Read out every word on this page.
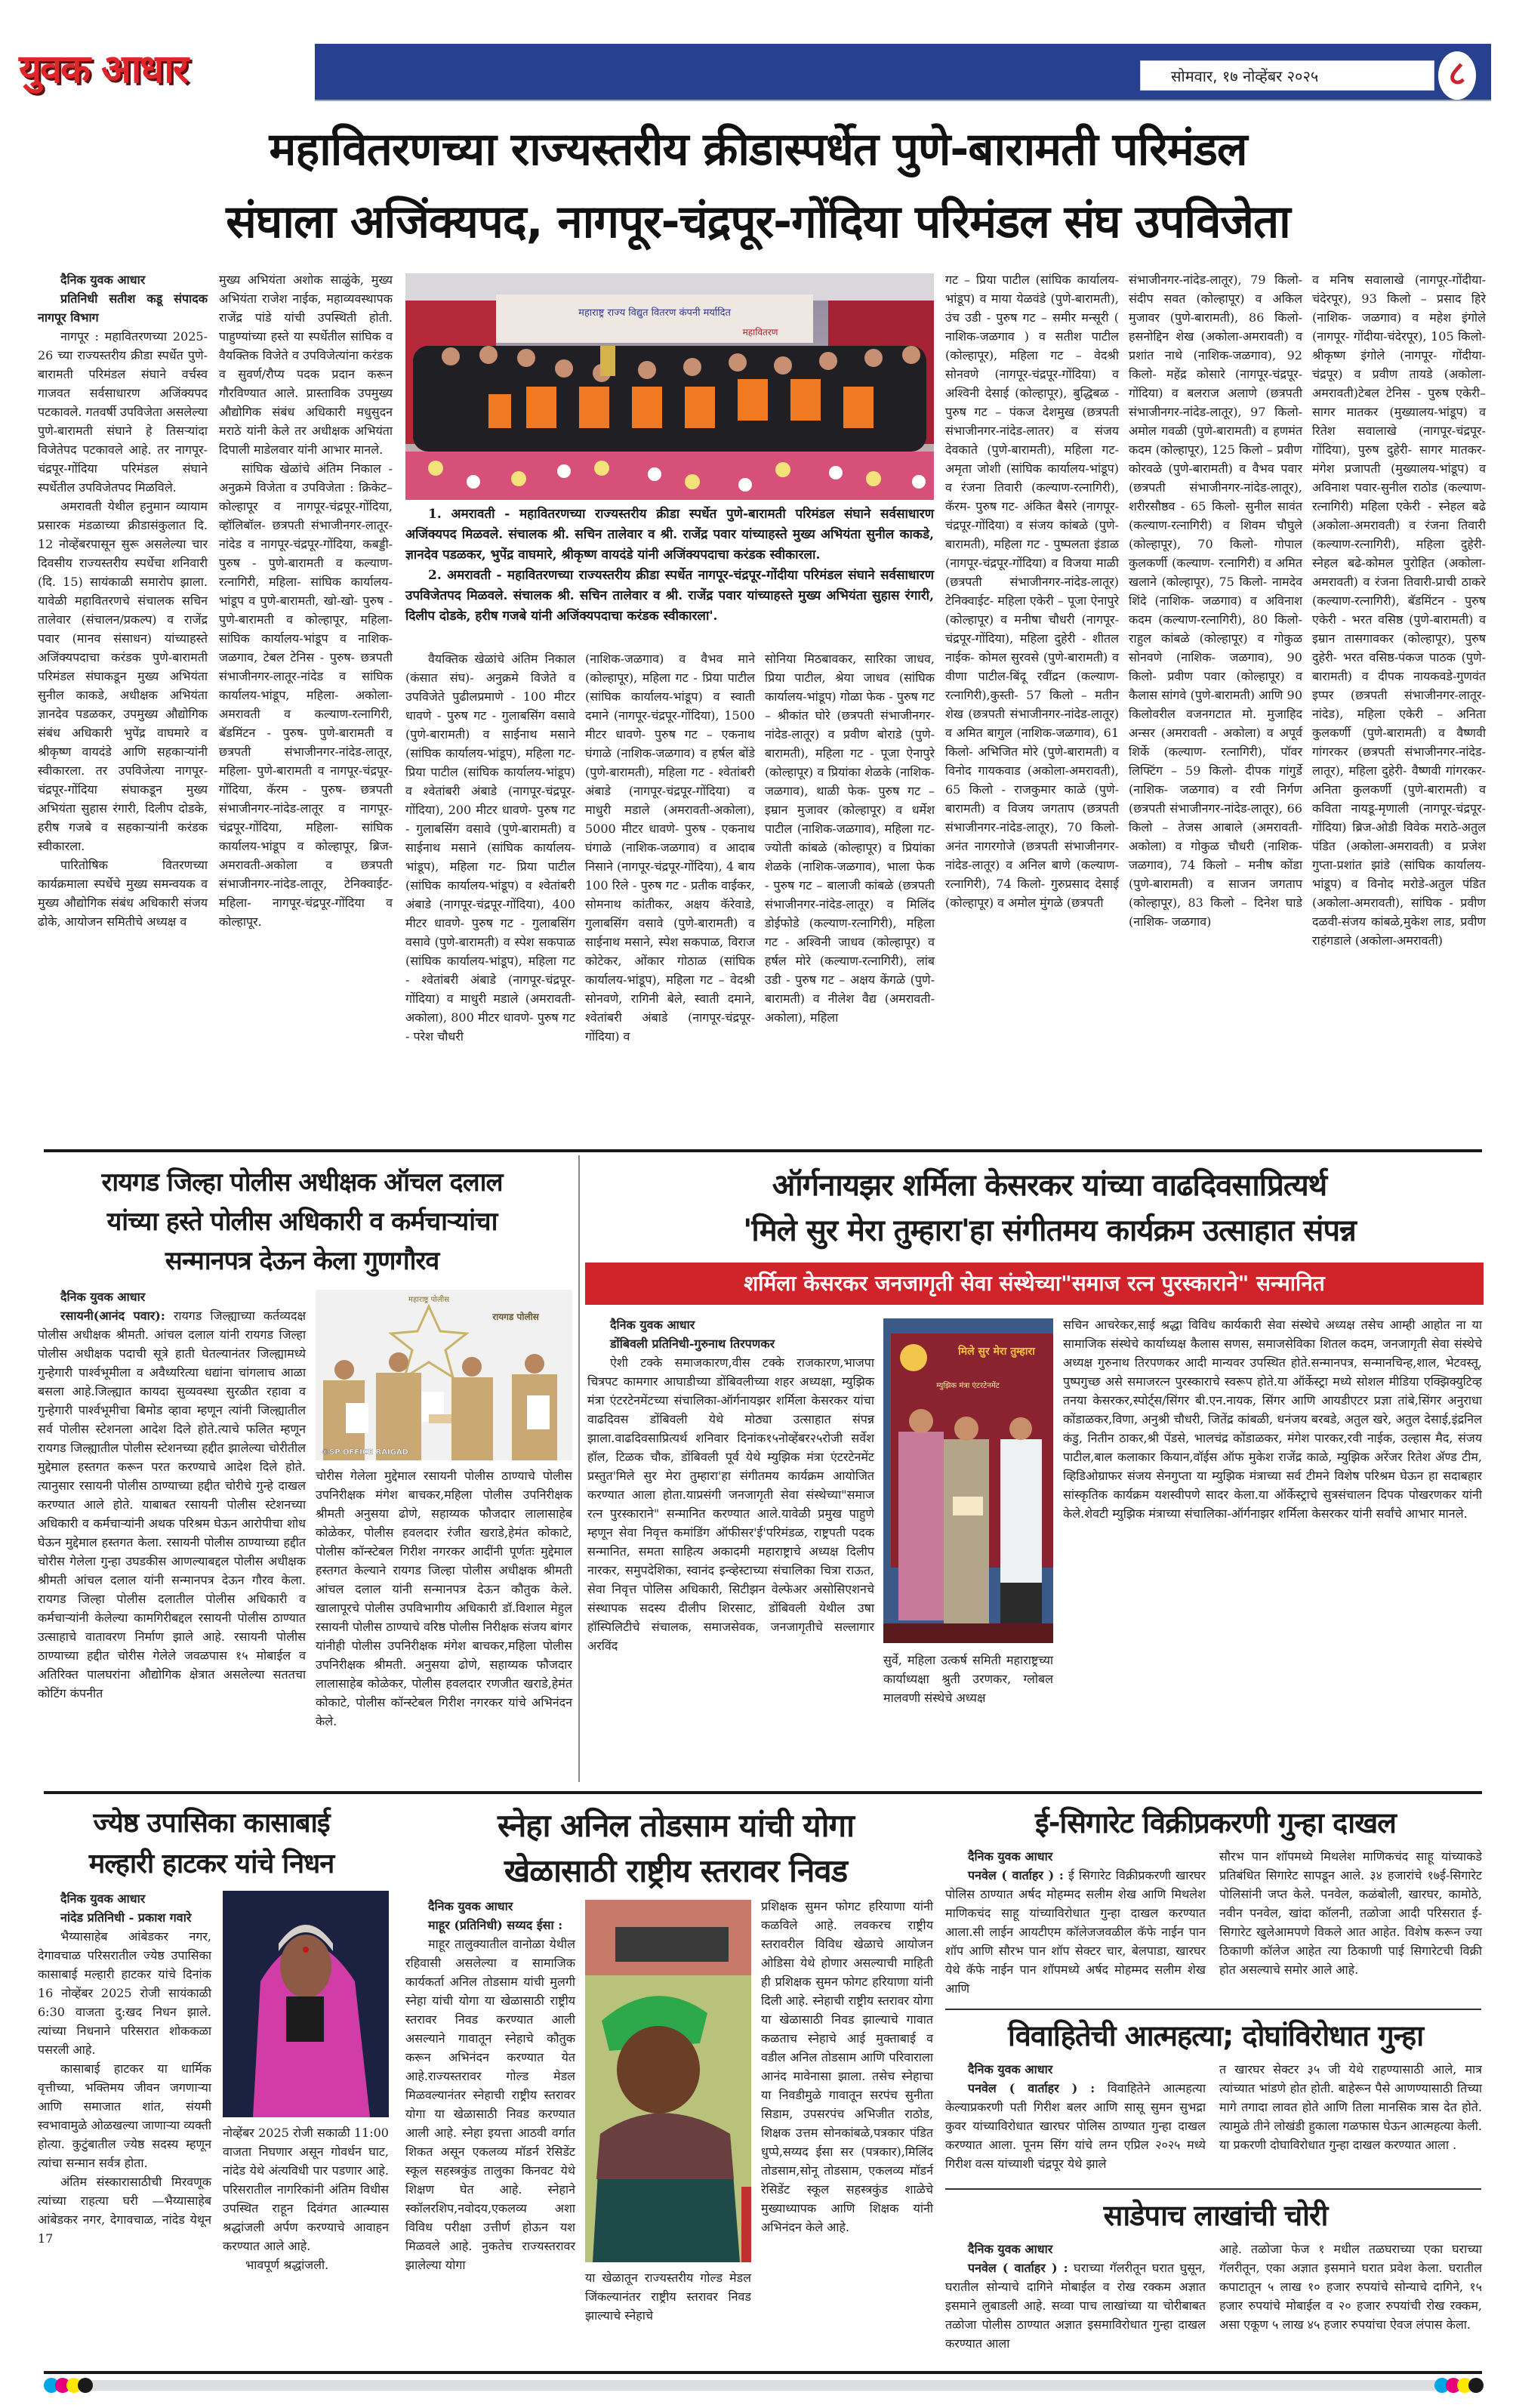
युवक आधार	सोमवार, १७ नोव्हेंबर २०२५	८
महावितरणच्या राज्यस्तरीय क्रीडास्पर्धेत पुणे-बारामती परिमंडल
संघाला अजिंक्यपद, नागपूर-चंद्रपूर-गोंदिया परिमंडल संघ उपविजेता

दैनिक युवक आधार

प्रतिनिधी सतीश कडू संपादक नागपूर विभाग

नागपूर : महावितरणच्या 2025-26 च्या राज्यस्तरीय क्रीडा स्पर्धेत पुणे-बारामती परिमंडल संघाने वर्चस्व गाजवत सर्वसाधारण अजिंक्यपद पटकावले. गतवर्षी उपविजेता असलेल्या पुणे-बारामती संघाने हे तिसऱ्यांदा विजेतेपद पटकावले आहे. तर नागपूर-चंद्रपूर-गोंदिया परिमंडल संघाने स्पर्धेतील उपविजेतपद मिळविले.

अमरावती येथील हनुमान व्यायाम प्रसारक मंडळाच्या क्रीडासंकुलात दि. 12 नोव्हेंबरपासून सुरू असलेल्या चार दिवसीय राज्यस्तरीय स्पर्धेचा शनिवारी (दि. 15) सायंकाळी समारोप झाला. यावेळी महावितरणचे संचालक सचिन तालेवार (संचालन/प्रकल्प) व राजेंद्र पवार (मानव संसाधन) यांच्याहस्ते अजिंक्यपदाचा करंडक पुणे-बारामती परिमंडल संघाकडून मुख्य अभियंता सुनील काकडे, अधीक्षक अभियंता ज्ञानदेव पडळकर, उपमुख्य औद्योगिक संबंध अधिकारी भुपेंद्र वाघमारे व श्रीकृष्ण वायदंडे आणि सहकाऱ्यांनी स्वीकारला. तर उपविजेत्या नागपूर-चंद्रपूर-गोंदिया संघाकडून मुख्य अभियंता सुहास रंगारी, दिलीप दोडके, हरीष गजबे व सहकाऱ्यांनी करंडक स्वीकारला.

पारितोषिक वितरणच्या कार्यक्रमाला स्पर्धेचे मुख्य समन्वयक व मुख्य औद्योगिक संबंध अधिकारी संजय ढोके, आयोजन समितीचे अध्यक्ष व

मुख्य अभियंता अशोक साळुंके, मुख्य अभियंता राजेश नाईक, महाव्यवस्थापक राजेंद्र पांडे यांची उपस्थिती होती. पाहुण्यांच्या हस्ते या स्पर्धेतील सांघिक व वैयक्तिक विजेते व उपविजेत्यांना करंडक व सुवर्ण/रौप्य पदक प्रदान करून गौरविण्यात आले. प्रास्ताविक उपमुख्य औद्योगिक संबंध अधिकारी मधुसुदन मराठे यांनी केले तर अधीक्षक अभियंता दिपाली माडेलवार यांनी आभार मानले.

सांघिक खेळांचे अंतिम निकाल - अनुक्रमे विजेता व उपविजेता : क्रिकेट– कोल्हापूर व नागपूर-चंद्रपूर-गोंदिया, व्हॉलिबॉल- छत्रपती संभाजीनगर-लातूर-नांदेड व नागपूर-चंद्रपूर-गोंदिया, कबड्डी- पुरुष - पुणे-बारामती व कल्याण-रत्नागिरी, महिला- सांघिक कार्यालय-भांडूप व पुणे-बारामती, खो-खो- पुरुष - पुणे-बारामती व कोल्हापूर, महिला- सांघिक कार्यालय-भांडूप व नाशिक-जळगाव, टेबल टेनिस - पुरुष- छत्रपती संभाजीनगर-लातूर-नांदेड व सांघिक कार्यालय-भांडूप, महिला- अकोला-अमरावती व कल्याण-रत्नागिरी, बॅडमिंटन - पुरुष- पुणे-बारामती व छत्रपती संभाजीनगर-नांदेड-लातूर, महिला- पुणे-बारामती व नागपूर-चंद्रपूर-गोंदिया, कॅरम - पुरुष- छत्रपती संभाजीनगर-नांदेड-लातूर व नागपूर-चंद्रपूर-गोंदिया, महिला- सांघिक कार्यालय-भांडूप व कोल्हापूर, ब्रिज- अमरावती-अकोला व छत्रपती संभाजीनगर-नांदेड-लातूर, टेनिक्वाईट- महिला- नागपूर-चंद्रपूर-गोंदिया व कोल्हापूर.

महाराष्ट्र राज्य विद्युत वितरण कंपनी मर्यादित
महावितरण

1. अमरावती - महावितरणच्या राज्यस्तरीय क्रीडा स्पर्धेत पुणे-बारामती परिमंडल संघाने सर्वसाधारण अजिंक्यपद मिळवले. संचालक श्री. सचिन तालेवार व श्री. राजेंद्र पवार यांच्याहस्ते मुख्य अभियंता सुनील काकडे, ज्ञानदेव पडळकर, भुपेंद्र वाघमारे, श्रीकृष्ण वायदंडे यांनी अजिंक्यपदाचा करंडक स्वीकारला.

2. अमरावती - महावितरणच्या राज्यस्तरीय क्रीडा स्पर्धेत नागपूर-चंद्रपूर-गोंदीया परिमंडल संघाने सर्वसाधारण उपविजेतपद मिळवले. संचालक श्री. सचिन तालेवार व श्री. राजेंद्र पवार यांच्याहस्ते मुख्य अभियंता सुहास रंगारी, दिलीप दोडके, हरीष गजबे यांनी अजिंक्यपदाचा करंडक स्वीकारला'.

वैयक्तिक खेळांचे अंतिम निकाल (कंसात संघ)- अनुक्रमे विजेते व उपविजेते पुढीलप्रमाणे - 100 मीटर धावणे - पुरुष गट - गुलाबसिंग वसावे (पुणे-बारामती) व साईनाथ मसाने (सांघिक कार्यालय-भांडूप), महिला गट- प्रिया पाटील (सांघिक कार्यालय-भांडूप) व श्वेतांबरी अंबाडे (नागपूर-चंद्रपूर-गोंदिया), 200 मीटर धावणे- पुरुष गट - गुलाबसिंग वसावे (पुणे-बारामती) व साईनाथ मसाने (सांघिक कार्यालय-भांडूप), महिला गट- प्रिया पाटील (सांघिक कार्यालय-भांडूप) व श्वेतांबरी अंबाडे (नागपूर-चंद्रपूर-गोंदिया), 400 मीटर धावणे- पुरुष गट - गुलाबसिंग वसावे (पुणे-बारामती) व स्पेश सकपाळ (सांघिक कार्यालय-भांडूप), महिला गट - श्वेतांबरी अंबाडे (नागपूर-चंद्रपूर-गोंदिया) व माधुरी मडाले (अमरावती-अकोला), 800 मीटर धावणे- पुरुष गट - परेश चौधरी

(नाशिक-जळगाव) व वैभव माने (कोल्हापूर), महिला गट - प्रिया पाटील (सांघिक कार्यालय-भांडूप) व स्वाती दमाने (नागपूर-चंद्रपूर-गोंदिया), 1500 मीटर धावणे- पुरुष गट – एकनाथ घंगाळे (नाशिक-जळगाव) व हर्षल बोंडे (पुणे-बारामती), महिला गट - श्वेतांबरी अंबाडे (नागपूर-चंद्रपूर-गोंदिया) व माधुरी मडाले (अमरावती-अकोला), 5000 मीटर धावणे- पुरुष - एकनाथ घंगाळे (नाशिक-जळगाव) व आदाब निसाने (नागपूर-चंद्रपूर-गोंदिया), 4 बाय 100 रिले - पुरुष गट - प्रतीक वाईकर, सोमनाथ कांतीकर, अक्षय कॅरेवाडे, गुलाबसिंग वसावे (पुणे-बारामती) व साईनाथ मसाने, स्पेश सकपाळ, विराज कोटेकर, ओंकार गोठाळ (सांघिक कार्यालय-भांडूप), महिला गट – वेदश्री सोनवणे, रागिनी बेले, स्वाती दमाने, श्वेतांबरी अंबाडे (नागपूर-चंद्रपूर-गोंदिया) व

सोनिया मिठबावकर, सारिका जाधव, प्रिया पाटील, श्रेया जाधव (सांघिक कार्यालय-भांडूप) गोळा फेक - पुरुष गट – श्रीकांत घोरे (छत्रपती संभाजीनगर-नांदेड-लातूर) व प्रवीण बोराडे (पुणे-बारामती), महिला गट - पूजा ऐनापुरे (कोल्हापूर) व प्रियांका शेळके (नाशिक-जळगाव), थाळी फेक- पुरुष गट – इम्रान मुजावर (कोल्हापूर) व धर्मेश पाटील (नाशिक-जळगाव), महिला गट- ज्योती कांबळे (कोल्हापूर) व प्रियांका शेळके (नाशिक-जळगाव), भाला फेक - पुरुष गट – बालाजी कांबळे (छत्रपती संभाजीनगर-नांदेड-लातूर) व मिलिंद डोईफोडे (कल्याण-रत्नागिरी), महिला गट - अश्विनी जाधव (कोल्हापूर) व हर्षल मोरे (कल्याण-रत्नागिरी), लांब उडी - पुरुष गट – अक्षय केंगळे (पुणे-बारामती) व नीलेश वैद्य (अमरावती-अकोला), महिला

गट – प्रिया पाटील (सांघिक कार्यालय-भांडूप) व माया येळवंडे (पुणे-बारामती), उंच उडी - पुरुष गट – समीर मन्सूरी ( नाशिक-जळगाव ) व सतीश पाटील (कोल्हापूर), महिला गट – वेदश्री सोनवणे (नागपूर-चंद्रपूर-गोंदिया) व अश्विनी देसाई (कोल्हापूर), बुद्धिबळ - पुरुष गट – पंकज देशमुख (छत्रपती संभाजीनगर-नांदेड-लातर) व संजय देवकाते (पुणे-बारामती), महिला गट- अमृता जोशी (सांघिक कार्यालय-भांडूप) व रंजना तिवारी (कल्याण-रत्नागिरी), कॅरम- पुरुष गट- अंकित बैसरे (नागपूर-चंद्रपूर-गोंदिया) व संजय कांबळे (पुणे-बारामती), महिला गट - पुष्पलता इंडाळ (नागपूर-चंद्रपूर-गोंदिया) व विजया माळी (छत्रपती संभाजीनगर-नांदेड-लातूर) टेनिक्वाईट- महिला एकेरी – पूजा ऐनापुरे (कोल्हापूर) व मनीषा चौधरी (नागपूर-चंद्रपूर-गोंदिया), महिला दुहेरी - शीतल नाईक- कोमल सुरवसे (पुणे-बारामती) व वीणा पाटील-बिंदू रवींद्रन (कल्याण-रत्नागिरी),कुस्ती- 57 किलो – मतीन शेख (छत्रपती संभाजीनगर-नांदेड-लातूर) व अमित बागुल (नाशिक-जळगाव), 61 किलो- अभिजित मोरे (पुणे-बारामती) व विनोद गायकवाड (अकोला-अमरावती), 65 किलो - राजकुमार काळे (पुणे-बारामती) व विजय जगताप (छत्रपती संभाजीनगर-नांदेड-लातूर), 70 किलो- अनंत नागरगोजे (छत्रपती संभाजीनगर-नांदेड-लातूर) व अनिल बाणे (कल्याण-रत्नागिरी), 74 किलो- गुरुप्रसाद देसाई (कोल्हापूर) व अमोल मुंगळे (छत्रपती

संभाजीनगर-नांदेड-लातूर), 79 किलो- संदीप सवत (कोल्हापूर) व अकिल मुजावर (पुणे-बारामती), 86 किलो- हसनोद्दिन शेख (अकोला-अमरावती) व प्रशांत नाथे (नाशिक-जळगाव), 92 किलो- महेंद्र कोसारे (नागपूर-चंद्रपूर-गोंदिया) व बलराज अलाणे (छत्रपती संभाजीनगर-नांदेड-लातूर), 97 किलो- अमोल गवळी (पुणे-बारामती) व हणमंत कदम (कोल्हापूर), 125 किलो – प्रवीण कोरवळे (पुणे-बारामती) व वैभव पवार (छत्रपती संभाजीनगर-नांदेड-लातूर), शरीरसौष्ठव - 65 किलो- सुनील सावंत (कल्याण-रत्नागिरी) व शिवम चौघुले (कोल्हापूर), 70 किलो- गोपाल कुलकर्णी (कल्याण- रत्नागिरी) व अमित खलाने (कोल्हापूर), 75 किलो- नामदेव शिंदे (नाशिक- जळगाव) व अविनाश कदम (कल्याण-रत्नागिरी), 80 किलो- राहुल कांबळे (कोल्हापूर) व गोकुळ सोनवणे (नाशिक- जळगाव), 90 किलो- प्रवीण पवार (कोल्हापूर) व कैलास सांगवे (पुणे-बारामती) आणि 90 किलोवरील वजनगटात मो. मुजाहिद अन्सर (अमरावती - अकोला) व अपूर्व शिर्के (कल्याण- रत्नागिरी), पॉवर लिफ्टिंग – 59 किलो- दीपक गांगुर्डे (नाशिक- जळगाव) व रवी निर्गण (छत्रपती संभाजीनगर-नांदेड-लातूर), 66 किलो – तेजस आबाले (अमरावती-अकोला) व गोकुळ चौधरी (नाशिक-जळगाव), 74 किलो – मनीष कोंडा (पुणे-बारामती) व साजन जगताप (कोल्हापूर), 83 किलो – दिनेश घाडे (नाशिक- जळगाव)

व मनिष सवालाखे (नागपूर-गोंदीया- चंदेरपूर), 93 किलो – प्रसाद हिरे (नाशिक- जळगाव) व महेश इंगोले (नागपूर- गोंदीया-चंदेरपूर), 105 किलो- श्रीकृष्ण इंगोले (नागपूर- गोंदीया- चंद्रपूर) व प्रवीण तायडे (अकोला-अमरावती)टेबल टेनिस - पुरुष एकेरी– सागर मातकर (मुख्यालय-भांडूप) व रितेश सवालाखे (नागपूर-चंद्रपूर-गोंदिया), पुरुष दुहेरी- सागर मातकर-मंगेश प्रजापती (मुख्यालय-भांडूप) व अविनाश पवार-सुनील राठोड (कल्याण-रत्नागिरी) महिला एकेरी - स्नेहल बढे (अकोला-अमरावती) व रंजना तिवारी (कल्याण-रत्नागिरी), महिला दुहेरी- स्नेहल बढे-कोमल पुरोहित (अकोला-अमरावती) व रंजना तिवारी-प्राची ठाकरे (कल्याण-रत्नागिरी), बॅडमिंटन - पुरुष एकेरी - भरत वसिष्ठ (पुणे-बारामती) व इम्रान तासगावकर (कोल्हापूर), पुरुष दुहेरी- भरत वसिष्ठ-पंकज पाठक (पुणे-बारामती) व दीपक नायकवडे-गुणवंत इप्पर (छत्रपती संभाजीनगर-लातूर-नांदेड), महिला एकेरी – अनिता कुलकर्णी (पुणे-बारामती) व वैष्णवी गांगरकर (छत्रपती संभाजीनगर-नांदेड-लातूर), महिला दुहेरी- वैष्णवी गांगरकर-अनिता कुलकर्णी (पुणे-बारामती) व कविता नायडू-मृणाली (नागपूर-चंद्रपूर-गोंदिया) ब्रिज-ओडी विवेक मराठे-अतुल पंडित (अकोला-अमरावती) व प्रजेश गुप्ता-प्रशांत झांडे (सांघिक कार्यालय-भांडूप) व विनोद मरोडे-अतुल पंडित (अकोला-अमरावती), सांघिक - प्रवीण दळवी-संजय कांबळे,मुकेश लाड, प्रवीण राहंगडाले (अकोला-अमरावती)

रायगड जिल्हा पोलीस अधीक्षक ऑचल दलाल
यांच्या हस्ते पोलीस अधिकारी व कर्मचाऱ्यांचा
सन्मानपत्र देऊन केला गुणगौरव

दैनिक युवक आधार

रसायनी(आनंद पवार): रायगड जिल्ह्याच्या कर्तव्यदक्ष पोलीस अधीक्षक श्रीमती. आंचल दलाल यांनी रायगड जिल्हा पोलीस अधीक्षक पदाची सूत्रे हाती घेतल्यानंतर जिल्ह्यामध्ये गुन्हेगारी पार्श्वभूमीला व अवैध्यरित्या धद्यांना चांगलाच आळा बसला आहे.जिल्ह्यात कायदा सुव्यवस्था सुरळीत रहावा व गुन्हेगारी पार्श्वभूमीचा बिमोड व्हावा म्हणून त्यांनी जिल्ह्यातील सर्व पोलीस स्टेशनला आदेश दिले होते.त्याचे फलित म्हणून रायगड जिल्ह्यातील पोलीस स्टेशनच्या हद्दीत झालेल्या चोरीतील मुद्देमाल हस्तगत करून परत करण्याचे आदेश दिले होते. त्यानुसार रसायनी पोलीस ठाण्याच्या हद्दीत चोरीचे गुन्हे दाखल करण्यात आले होते. याबाबत रसायनी पोलीस स्टेशनच्या अधिकारी व कर्मचाऱ्यांनी अथक परिश्रम घेऊन आरोपीचा शोध घेऊन मुद्देमाल हस्तगत केला. रसायनी पोलीस ठाण्याच्या हद्दीत चोरीस गेलेला गुन्हा उघडकीस आणल्याबद्दल पोलीस अधीक्षक श्रीमती आंचल दलाल यांनी सन्मानपत्र देऊन गौरव केला. रायगड जिल्हा पोलीस दलातील पोलीस अधिकारी व कर्मचाऱ्यांनी केलेल्या कामगिरीबद्दल रसायनी पोलीस ठाण्यात उत्साहाचे वातावरण निर्माण झाले आहे. रसायनी पोलीस ठाण्याच्या हद्दीत चोरीस गेलेले जवळपास १५ मोबाईल व अतिरिक्त पालघरांना औद्योगिक क्षेत्रात असलेल्या सततचा कोटिंग कंपनीत

महाराष्ट्र पोलीस
रायगड पोलीस
©SP OFFICE RAIGAD

चोरीस गेलेला मुद्देमाल रसायनी पोलीस ठाण्याचे पोलीस उपनिरीक्षक मंगेश बाचकर,महिला पोलीस उपनिरीक्षक श्रीमती अनुसया ढोणे, सहाय्यक फौजदार लालासाहेब कोळेकर, पोलीस हवलदार रंजीत खराडे,हेमंत कोकाटे, पोलीस कॉन्स्टेबल गिरीश नगरकर आदींनी पूर्णतः मुद्देमाल हस्तगत केल्याने रायगड जिल्हा पोलीस अधीक्षक श्रीमती आंचल दलाल यांनी सन्मानपत्र देऊन कौतुक केले. खालापूरचे पोलीस उपविभागीय अधिकारी डॉ.विशाल मेहुल रसायनी पोलीस ठाण्याचे वरिष्ठ पोलीस निरीक्षक संजय बांगर यांनीही पोलीस उपनिरीक्षक मंगेश बाचकर,महिला पोलीस उपनिरीक्षक श्रीमती. अनुसया ढोणे, सहाय्यक फौजदार लालासाहेब कोळेकर, पोलीस हवलदार रणजीत खराडे,हेमंत कोकाटे, पोलीस कॉन्स्टेबल गिरीश नगरकर यांचे अभिनंदन केले.

ऑर्गनायझर शर्मिला केसरकर यांच्या वाढदिवसाप्रित्यर्थ
'मिले सुर मेरा तुम्हारा'हा संगीतमय कार्यक्रम उत्साहात संपन्न
शर्मिला केसरकर जनजागृती सेवा संस्थेच्या"समाज रत्न पुरस्काराने" सन्मानित

दैनिक युवक आधार

डोंबिवली प्रतिनिधी-गुरुनाथ तिरपणकर

ऐशी टक्के समाजकारण,वीस टक्के राजकारण,भाजपा चित्रपट कामगार आघाडीच्या डोंबिवलीच्या शहर अध्यक्षा, म्युझिक मंत्रा एंटरटेनमेंटच्या संचालिका-ऑर्गनायझर शर्मिला केसरकर यांचा वाढदिवस डोंबिवली येथे मोठ्या उत्साहात संपन्न झाला.वाढदिवसाप्रित्यर्थ शनिवार दिनांक१५नोव्हेंबर२५रोजी सर्वेश हॉल, टिळक चौक, डोंबिवली पूर्व येथे म्युझिक मंत्रा एंटरटेनमेंट प्रस्तुत'मिले सुर मेरा तुम्हारा'हा संगीतमय कार्यक्रम आयोजित करण्यात आला होता.याप्रसंगी जनजागृती सेवा संस्थेच्या"समाज रत्न पुरस्काराने" सन्मानित करण्यात आले.यावेळी प्रमुख पाहुणे म्हणून सेवा निवृत्त कमांडिंग ऑफीसर'ई'परिमंडळ, राष्ट्रपती पदक सन्मानित, समता साहित्य अकादमी महाराष्ट्राचे अध्यक्ष दिलीप नारकर, समुपदेशिका, स्वानंद इन्व्हेस्टाच्या संचालिका चित्रा राऊत, सेवा निवृत्त पोलिस अधिकारी, सिटीझन वेल्फेअर असोसिएशनचे संस्थापक सदस्य दीलीप शिरसाट, डोंबिवली येथील उषा हॉस्पिलिटीचे संचालक, समाजसेवक, जनजागृतीचे सल्लागार अरविंद

मिले सुर मेरा तुम्हारा
म्युझिक मंत्रा एंटरटेनमेंट

सुर्वे, महिला उत्कर्ष समिती महाराष्ट्रच्या कार्याध्यक्षा श्रुती उरणकर, ग्लोबल मालवणी संस्थेचे अध्यक्ष

सचिन आचरेकर,साई श्रद्धा विविध कार्यकारी सेवा संस्थेचे अध्यक्ष तसेच आम्ही आहोत ना या सामाजिक संस्थेचे कार्याध्यक्ष कैलास सणस, समाजसेविका शितल कदम, जनजागृती सेवा संस्थेचे अध्यक्ष गुरुनाथ तिरपणकर आदी मान्यवर उपस्थित होते.सन्मानपत्र, सन्मानचिन्ह,शाल, भेटवस्तू, पुष्पगुच्छ असे समाजरत्न पुरस्काराचे स्वरूप होते.या ऑर्केस्ट्रा मध्ये सोशल मीडिया एक्झिक्युटिव्ह तनया केसरकर,स्पोर्ट्स/सिंगर बी.एन.नायक, सिंगर आणि आयडीएटर प्रज्ञा तांबे,सिंगर अनुराधा कोंडाळकर,विणा, अनुश्री चौधरी, जितेंद्र कांबळी, धनंजय बरबडे, अतुल खरे, अतुल देसाई,इंद्रनिल कंडु, नितीन ठाकर,श्री पेंडसे, भालचंद्र कोंडाळकर, मंगेश पारकर,रवी नाईक, उल्हास मैद, संजय पाटील,बाल कलाकार कियान,वॉईस ऑफ मुकेश राजेंद्र काळे, म्युझिक अरेंजर रितेश ॲण्ड टीम, व्हिडिओग्राफर संजय सेनगुप्ता या म्युझिक मंत्राच्या सर्व टीमने विशेष परिश्रम घेऊन हा सदाबहार सांस्कृतिक कार्यक्रम यशस्वीपणे सादर केला.या ऑर्केस्ट्राचे सुत्रसंचालन दिपक पोखरणकर यांनी केले.शेवटी म्युझिक मंत्राच्या संचालिका-ऑर्गनाझर शर्मिला केसरकर यांनी सर्वांचे आभार मानले.

ज्येष्ठ उपासिका कासाबाई
मल्हारी हाटकर यांचे निधन

दैनिक युवक आधार

नांदेड प्रतिनिधी - प्रकाश गवारे

भैय्यासाहेब आंबेडकर नगर, देगावचाळ परिसरातील ज्येष्ठ उपासिका कासाबाई मल्हारी हाटकर यांचे दिनांक 16 नोव्हेंबर 2025 रोजी सायंकाळी 6:30 वाजता दु:खद निधन झाले. त्यांच्या निधनाने परिसरात शोककळा पसरली आहे.

कासाबाई हाटकर या धार्मिक वृत्तीच्या, भक्तिमय जीवन जगणाऱ्या आणि समाजात शांत, संयमी स्वभावामुळे ओळखल्या जाणाऱ्या व्यक्ती होत्या. कुटुंबातील ज्येष्ठ सदस्य म्हणून त्यांचा सन्मान सर्वत्र होता.

अंतिम संस्कारासाठीची मिरवणूक त्यांच्या राहत्या घरी —भैय्यासाहेब आंबेडकर नगर, देगावचाळ, नांदेड येथून 17

नोव्हेंबर 2025 रोजी सकाळी 11:00 वाजता निघणार असून गोवर्धन घाट, नांदेड येथे अंत्यविधी पार पडणार आहे. परिसरातील नागरिकांनी अंतिम विधीस उपस्थित राहून दिवंगत आत्म्यास श्रद्धांजली अर्पण करण्याचे आवाहन करण्यात आले आहे.

भावपूर्ण श्रद्धांजली.

स्नेहा अनिल तोडसाम यांची योगा
खेळासाठी राष्ट्रीय स्तरावर निवड

दैनिक युवक आधार

माहूर (प्रतिनिधी) सय्यद ईसा :

माहूर तालुक्यातील वानोळा येथील रहिवासी असलेल्या व सामाजिक कार्यकर्ता अनिल तोडसाम यांची मुलगी स्नेहा यांची योगा या खेळासाठी राष्ट्रीय स्तरावर निवड करण्यात आली असल्याने गावातून स्नेहाचे कौतुक करून अभिनंदन करण्यात येत आहे.राज्यस्तरावर गोल्ड मेडल मिळवल्यानंतर स्नेहाची राष्ट्रीय स्तरावर योगा या खेळासाठी निवड करण्यात आली आहे. स्नेहा इयत्ता आठवी वर्गात शिकत असून एकलव्य मॉडर्न रेसिडेंट स्कूल सहस्त्रकुंड तालुका किनवट येथे शिक्षण घेत आहे. स्नेहाने स्कॉलरशिप,नवोदय,एकलव्य अशा विविध परीक्षा उत्तीर्ण होऊन यश मिळवले आहे. नुकतेच राज्यस्तरावर झालेल्या योगा

या खेळातून राज्यस्तरीय गोल्ड मेडल जिंकल्यानंतर राष्ट्रीय स्तरावर निवड झाल्याचे स्नेहाचे

प्रशिक्षक सुमन फोगट हरियाणा यांनी कळविले आहे. लवकरच राष्ट्रीय स्तरावरील विविध खेळाचे आयोजन ओडिसा येथे होणार असल्याची माहिती ही प्रशिक्षक सुमन फोगट हरियाणा यांनी दिली आहे. स्नेहाची राष्ट्रीय स्तरावर योगा या खेळासाठी निवड झाल्याचे गावात कळताच स्नेहाचे आई मुक्ताबाई व वडील अनिल तोडसाम आणि परिवाराला आनंद मावेनासा झाला. तसेच स्नेहाचा या निवडीमुळे गावातून सरपंच सुनीता सिडाम, उपसरपंच अभिजीत राठोड, शिक्षक उत्तम सोनकांबळे,पत्रकार पंडित धुप्पे,सय्यद ईसा सर (पत्रकार),मिलिंद तोडसाम,सोनू तोडसाम, एकलव्य मॉडर्न रेसिडेंट स्कूल सहस्त्रकुंड शाळेचे मुख्याध्यापक आणि शिक्षक यांनी अभिनंदन केले आहे.

ई-सिगारेट विक्रीप्रकरणी गुन्हा दाखल

दैनिक युवक आधार

पनवेल ( वार्ताहर ) : ई सिगारेट विक्रीप्रकरणी खारघर पोलिस ठाण्यात अर्षद मोहम्मद सलीम शेख आणि मिथलेश माणिकचंद साहू यांच्याविरोधात गुन्हा दाखल करण्यात आला.सी लाईन आयटीएम कॉलेजजवळील कॅफे नाईन पान शॉप आणि सौरभ पान शॉप सेक्टर चार, बेलपाडा, खारघर येथे कॅफे नाईन पान शॉपमध्ये अर्षद मोहम्मद सलीम शेख आणि

सौरभ पान शॉपमध्ये मिथलेश माणिकचंद साहू यांच्याकडे प्रतिबंधित सिगारेट सापडून आले. ३४ हजारांचे १७ई-सिगारेट पोलिसांनी जप्त केले. पनवेल, कळंबोली, खारघर, कामोठे, नवीन पनवेल, खांदा कॉलनी, तळोजा आदी परिसरात ई-सिगारेट खुलेआमपणे विकले आत आहेत. विशेष करून ज्या ठिकाणी कॉलेज आहेत त्या ठिकाणी पाई सिगारेटची विक्री होत असल्याचे समोर आले आहे.

विवाहितेची आत्महत्या; दोघांविरोधात गुन्हा

दैनिक युवक आधार

पनवेल ( वार्ताहर ) : विवाहितेने आत्महत्या केल्याप्रकरणी पती गिरीश बलर आणि सासू सुमन सुभद्रा कुवर यांच्याविरोधात खारघर पोलिस ठाण्यात गुन्हा दाखल करण्यात आला. पूनम सिंग यांचे लग्न एप्रिल २०२५ मध्ये गिरीश वत्स यांच्याशी चंद्रपूर येथे झाले

त खारघर सेक्टर ३५ जी येथे राहण्यासाठी आले, मात्र त्यांच्यात भांडणे होत होती. बाहेरून पैसे आणण्यासाठी तिच्या मागे तगादा लावत होते आणि तिला मानसिक त्रास देत होते. त्यामुळे तीने लोखंडी हुकाला गळफास घेऊन आत्महत्या केली. या प्रकरणी दोघाविरोधात गुन्हा दाखल करण्यात आला .

साडेपाच लाखांची चोरी

दैनिक युवक आधार

पनवेल ( वार्ताहर ) : घराच्या गॅलरीतून घरात घुसून, घरातील सोन्याचे दागिने मोबाईल व रोख रक्कम अज्ञात इसमाने लुबाडली आहे. सव्वा पाच लाखांच्या या चोरीबाबत तळोजा पोलीस ठाण्यात अज्ञात इसमाविरोधात गुन्हा दाखल करण्यात आला

आहे. तळोजा फेज १ मधील तळघराच्या एका घराच्या गॅलरीतून, एका अज्ञात इसमाने घरात प्रवेश केला. घरातील कपाटातून ५ लाख १० हजार रुपयांचे सोन्याचे दागिने, १५ हजार रुपयांचे मोबाईल व २० हजार रुपयांची रोख रक्कम, असा एकूण ५ लाख ४५ हजार रुपयांचा ऐवज लंपास केला.
